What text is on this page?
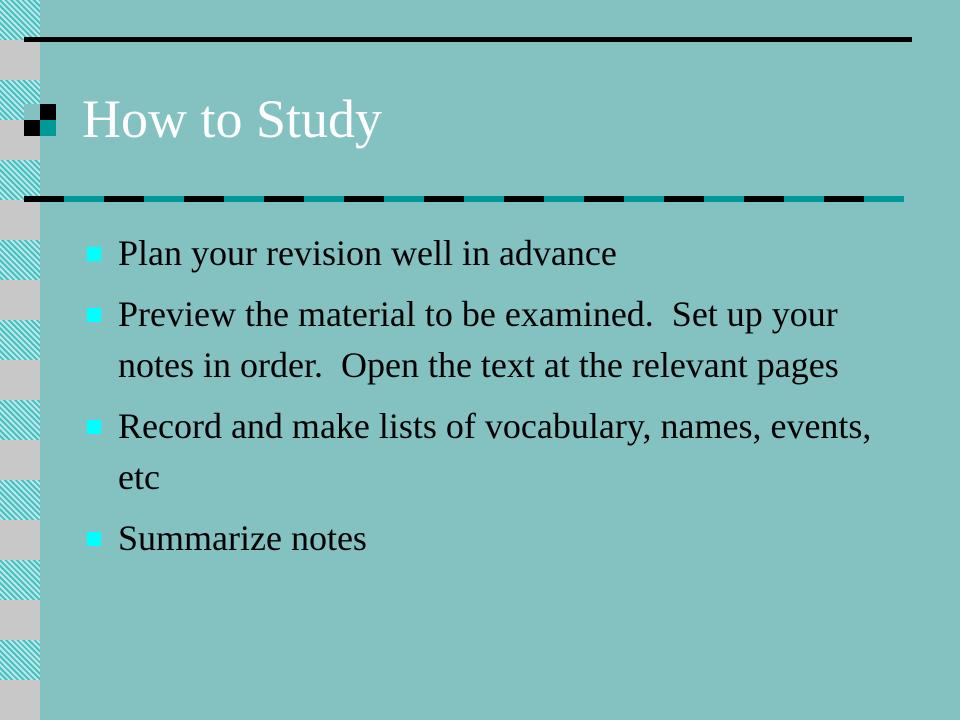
How to Study
Plan your revision well in advance
Preview the material to be examined.  Set up your notes in order.  Open the text at the relevant pages
Record and make lists of vocabulary, names, events, etc
Summarize notes
